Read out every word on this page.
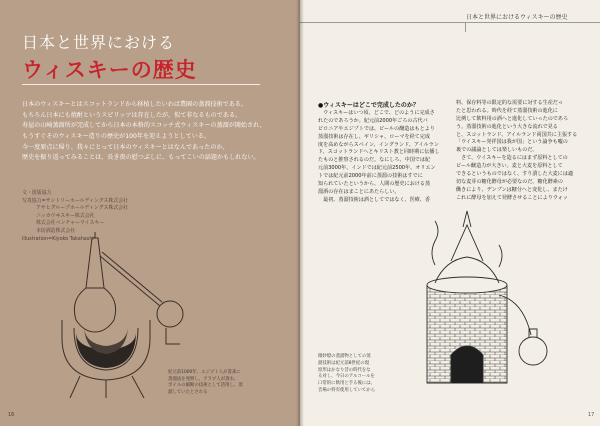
日本と世界における
ウィスキーの歴史

日本のウィスキーとはスコットランドから移植したいわば農園の蒸溜技術である。

もちろん日本にも焼酎というスピリッツは存在したが、似て非なるものである。

寿屋の山崎蒸溜所が完成してから日本の本格的スコッチ式ウィスキーの蒸溜が開始され、

もうすぐそのウィスキー造りの歴史が100年を迎えようとしている。

今一度原点に帰り、我々にとって日本のウィスキーとはなんであったのか、

歴史を振り返ってみることは、長き夜の慰つぶしに、もってこいの話題かもしれない。

文・図版協力
写真協力=サントリーホールディングス株式会社
アサヒグループホールディングス株式会社
ニッカウヰスキー株式会社
株式会社ベンチャーウイスキー
本坊酒造株式会社
illustration=Kiyoko Takahashi
紀元前1000年、エジプト人が書斎に
蒸溜法を発明し、アラブ人が蒸水、
ボイルの細断の技術として活用し、蒸
溜していたとされる
16
日本と世界におけるウィスキーの歴史
●ウィスキーはどこで完成したのか？
　ウィスキーはいつ頃、どこで、どのように完成さ
れたのであろうか。紀元前2000年ごろの古代バ
ビロニアやエジプトでは、ビールの醸造はもとより
蒸溜技術は存在し、ギリシャ、ローマを経て完成
度を高めながらスペイン、イングランド、アイルラン
ド、スコットランドへとキリスト教と同時期に伝播し
たものと推察されるのだ。なにしろ、中国では紀
元前3000年、インドでは紀元前2500年、オリエン
トでは紀元前2000年前に蒸溜の技術はすでに
知られていたというから、人間の歴史における蒸
溜酒の存在はまことにあたらしい。
　最初、蒸溜技術は酒としてではなく、医療、香
料、保存料等の限定的な需要に対する生産だっ
たと思われる。時代を経て蒸溜技術の進化に
比例して飲料用の酒へと進化していったのであろ
う。蒸溜技術の進化という大きな流れで見る
と、スコットランド、アイルランド両国共に主張する
「ウイスキー発祥国は我が国」という論争も嘘の
裏での議論としては楽しいものだ。
　さて、ウイスキーを造るにはまず原料としての
ビール醸造力が大きい。麦と大麦を原料として
できるというものではなく、すり潰した大麦には適
切な麦芽の糖化酵母が必要なのだ。糖化酵素の
働きにより、デンプンは糖分へと変化し、またけ
これに酵母を加えて発酵させることによりウォッ
微妙燈の蒸溜物としての蒸
溜技術は紀元前8世紀の現
原形はかなり昔の時代をな
る対し、今日のアルコールを
口常的に飲用と手る後には、
音場の特有使用していてから
17
